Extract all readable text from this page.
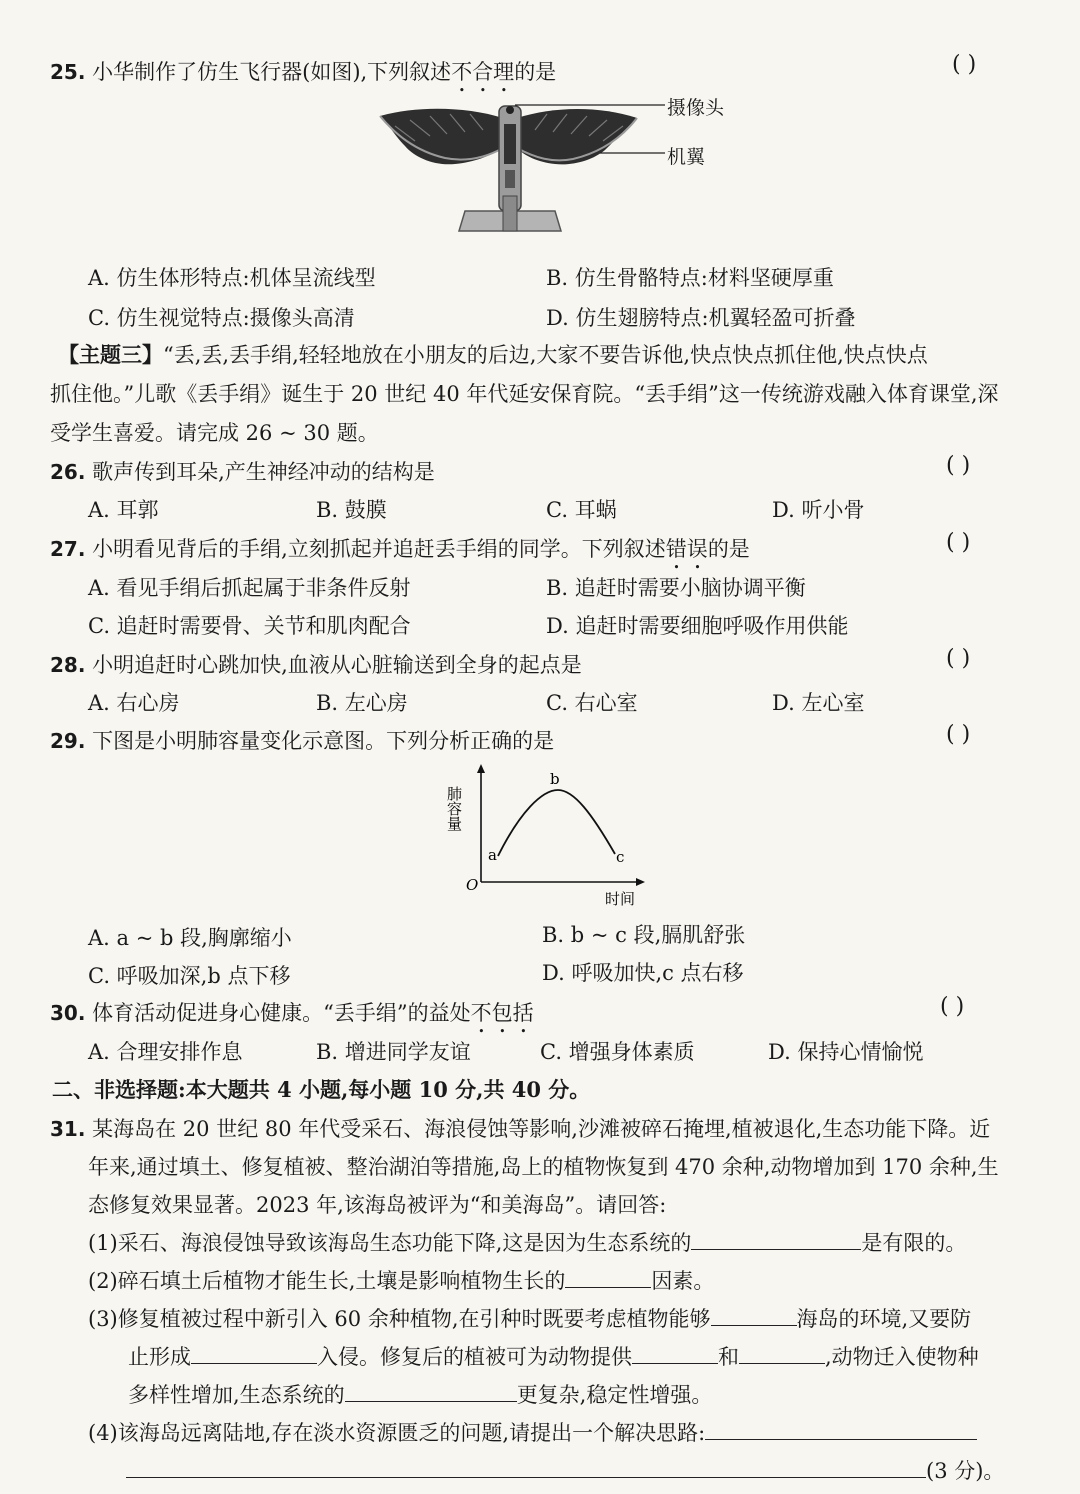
25. 小华制作了仿生飞行器(如图),下列叙述不合理的是	( )
摄像头
机翼
A. 仿生体形特点:机体呈流线型	B. 仿生骨骼特点:材料坚硬厚重
C. 仿生视觉特点:摄像头高清	D. 仿生翅膀特点:机翼轻盈可折叠
【主题三】“丢,丢,丢手绢,轻轻地放在小朋友的后边,大家不要告诉他,快点快点抓住他,快点快点
抓住他。”儿歌《丢手绢》诞生于 20 世纪 40 年代延安保育院。“丢手绢”这一传统游戏融入体育课堂,深
受学生喜爱。请完成 26 ~ 30 题。
26. 歌声传到耳朵,产生神经冲动的结构是	( )
A. 耳郭	B. 鼓膜	C. 耳蜗	D. 听小骨
27. 小明看见背后的手绢,立刻抓起并追赶丢手绢的同学。下列叙述错误的是	( )
A. 看见手绢后抓起属于非条件反射	B. 追赶时需要小脑协调平衡
C. 追赶时需要骨、关节和肌肉配合	D. 追赶时需要细胞呼吸作用供能
28. 小明追赶时心跳加快,血液从心脏输送到全身的起点是	( )
A. 右心房	B. 左心房	C. 右心室	D. 左心室
29. 下图是小明肺容量变化示意图。下列分析正确的是	( )
肺容量
O
a
b
c
时间
A. a ~ b 段,胸廓缩小	B. b ~ c 段,膈肌舒张
C. 呼吸加深,b 点下移	D. 呼吸加快,c 点右移
30. 体育活动促进身心健康。“丢手绢”的益处不包括	( )
A. 合理安排作息	B. 增进同学友谊	C. 增强身体素质	D. 保持心情愉悦
二、非选择题:本大题共 4 小题,每小题 10 分,共 40 分。
31. 某海岛在 20 世纪 80 年代受采石、海浪侵蚀等影响,沙滩被碎石掩埋,植被退化,生态功能下降。近
年来,通过填土、修复植被、整治湖泊等措施,岛上的植物恢复到 470 余种,动物增加到 170 余种,生
态修复效果显著。2023 年,该海岛被评为“和美海岛”。请回答:
(1)采石、海浪侵蚀导致该海岛生态功能下降,这是因为生态系统的	是有限的。
(2)碎石填土后植物才能生长,土壤是影响植物生长的	因素。
(3)修复植被过程中新引入 60 余种植物,在引种时既要考虑植物能够	海岛的环境,又要防
止形成	入侵。修复后的植被可为动物提供	和	,动物迁入使物种
多样性增加,生态系统的	更复杂,稳定性增强。
(4)该海岛远离陆地,存在淡水资源匮乏的问题,请提出一个解决思路:
(3 分)。
